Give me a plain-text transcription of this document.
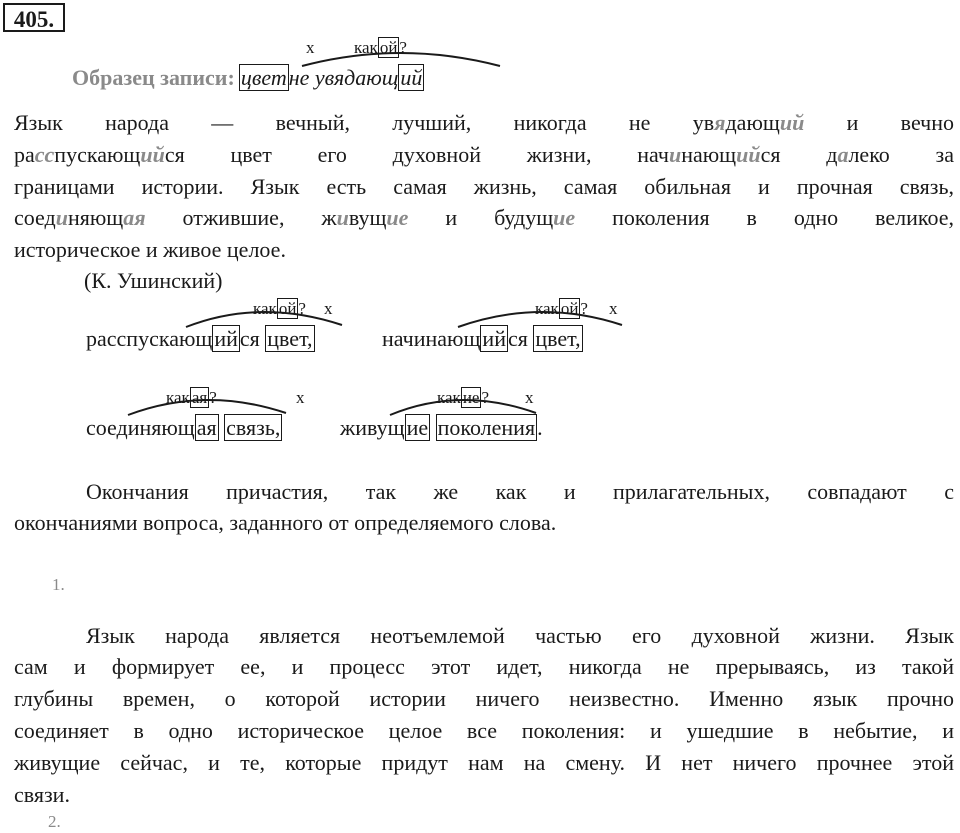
405.
х как ой ?
Образец записи: цветне увядающий
Язык народа — вечный, лучший, никогда не увядающий и вечно
расспускающийся цвет его духовной жизни, начинающийся далеко за
границами истории. Язык есть самая жизнь, самая обильная и прочная связь,
соединяющая отжившие, живущие и будущие поколения в одно великое,
историческое и живое целое.
(К. Ушинский)
как ой ? х	как ой ? х
расспускающийся цвет,	начинающийся цвет,
как ая ?	х	как ие ? х
соединяющая связь,	живущие поколения.
Окончания причастия, так же как и прилагательных, совпадают с
окончаниями вопроса, заданного от определяемого слова.
1.
Язык народа является неотъемлемой частью его духовной жизни. Язык
сам и формирует ее, и процесс этот идет, никогда не прерываясь, из такой
глубины времен, о которой истории ничего неизвестно. Именно язык прочно
соединяет в одно историческое целое все поколения: и ушедшие в небытие, и
живущие сейчас, и те, которые придут нам на смену. И нет ничего прочнее этой
связи.
2.
